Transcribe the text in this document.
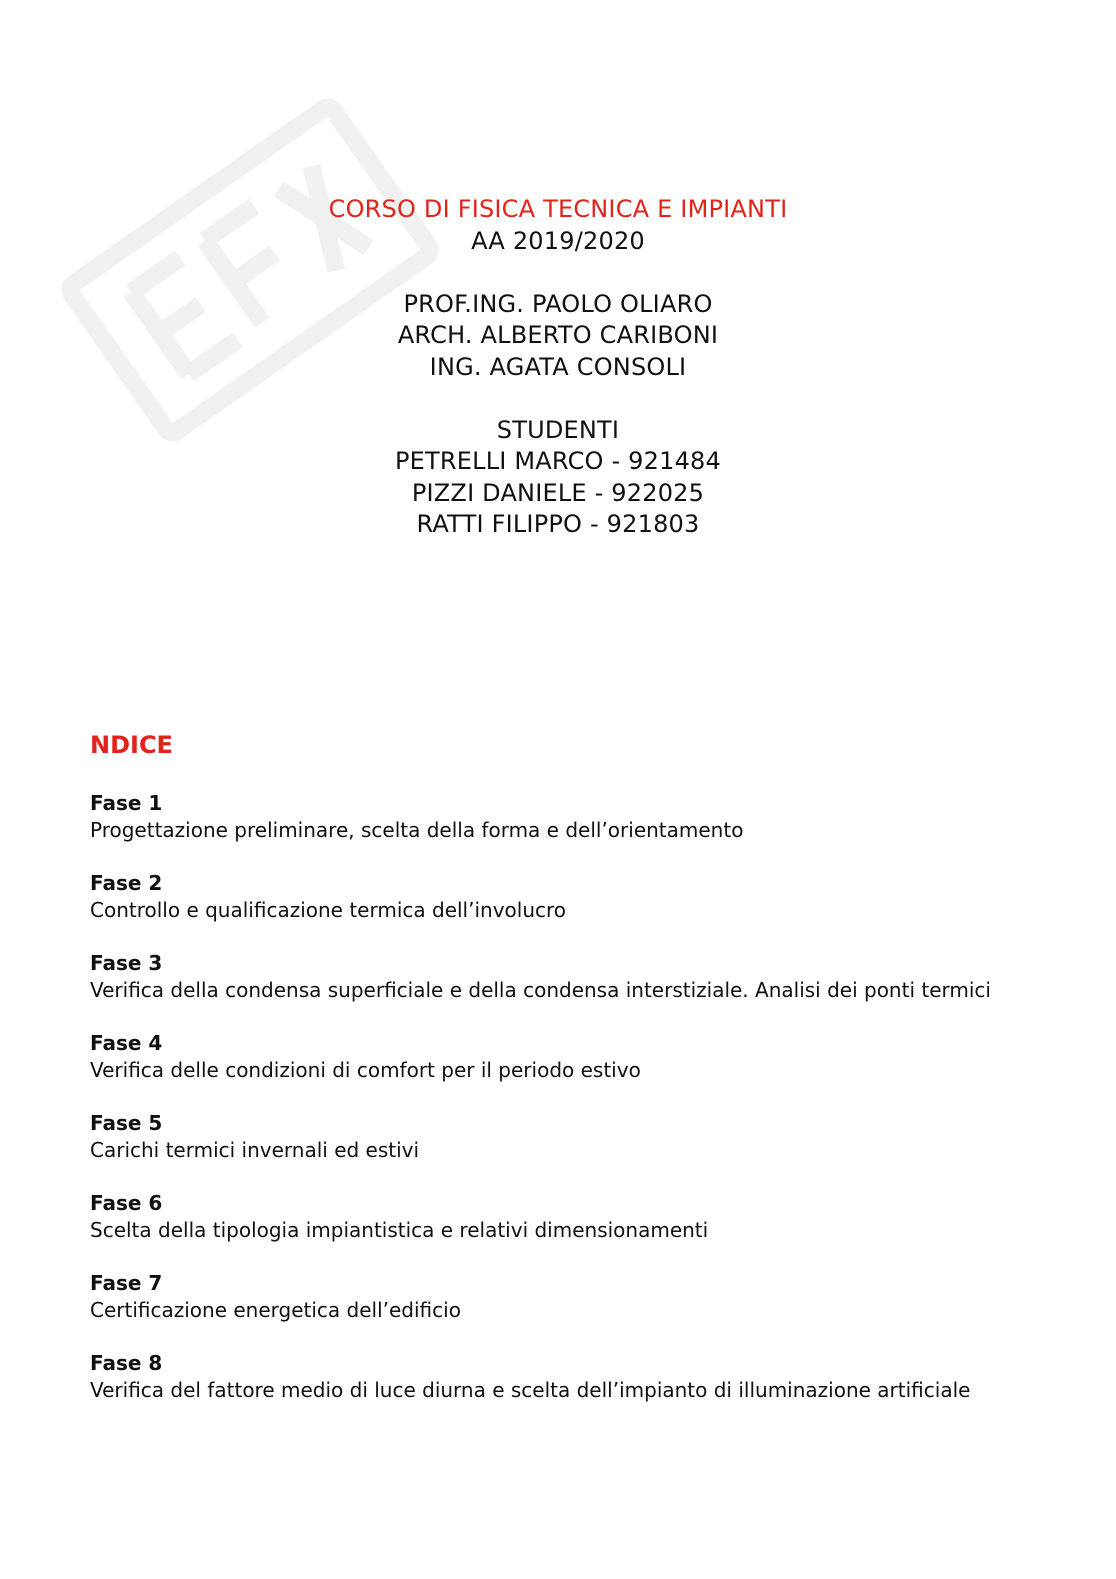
CORSO DI FISICA TECNICA E IMPIANTI
AA 2019/2020
PROF.ING. PAOLO OLIARO
ARCH. ALBERTO CARIBONI
ING. AGATA CONSOLI
STUDENTI
PETRELLI MARCO - 921484
PIZZI DANIELE - 922025
RATTI FILIPPO - 921803
NDICE
Fase 1
Progettazione preliminare, scelta della forma e dell’orientamento
Fase 2
Controllo e qualificazione termica dell’involucro
Fase 3
Verifica della condensa superficiale e della condensa interstiziale. Analisi dei ponti termici
Fase 4
Verifica delle condizioni di comfort per il periodo estivo
Fase 5
Carichi termici invernali ed estivi
Fase 6
Scelta della tipologia impiantistica e relativi dimensionamenti
Fase 7
Certificazione energetica dell’edificio
Fase 8
Verifica del fattore medio di luce diurna e scelta dell’impianto di illuminazione artificiale
